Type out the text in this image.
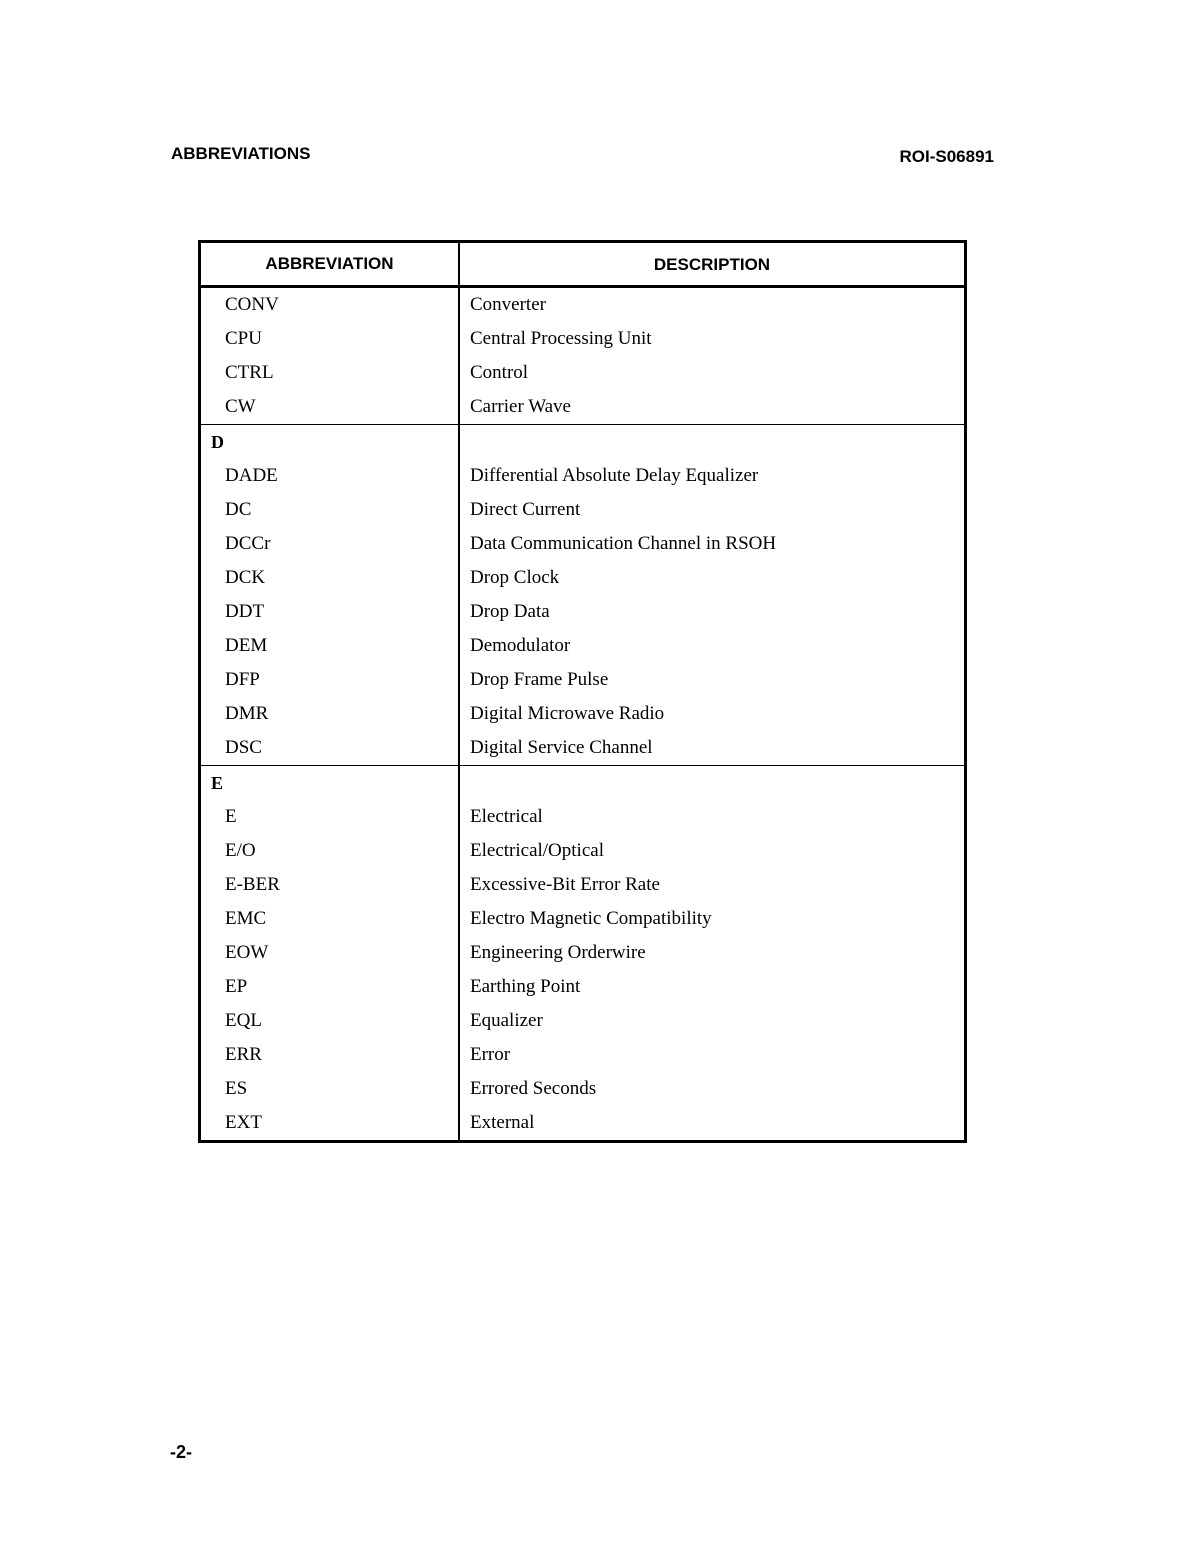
ABBREVIATIONS	ROI-S06891
ABBREVIATION	DESCRIPTION
CONV
CPU
CTRL
CW
Converter
Central Processing Unit
Control
Carrier Wave
D
DADE
DC
DCCr
DCK
DDT
DEM
DFP
DMR
DSC
Differential Absolute Delay Equalizer
Direct Current
Data Communication Channel in RSOH
Drop Clock
Drop Data
Demodulator
Drop Frame Pulse
Digital Microwave Radio
Digital Service Channel
E
E
E/O
E-BER
EMC
EOW
EP
EQL
ERR
ES
EXT
Electrical
Electrical/Optical
Excessive-Bit Error Rate
Electro Magnetic Compatibility
Engineering Orderwire
Earthing Point
Equalizer
Error
Errored Seconds
External
-2-
